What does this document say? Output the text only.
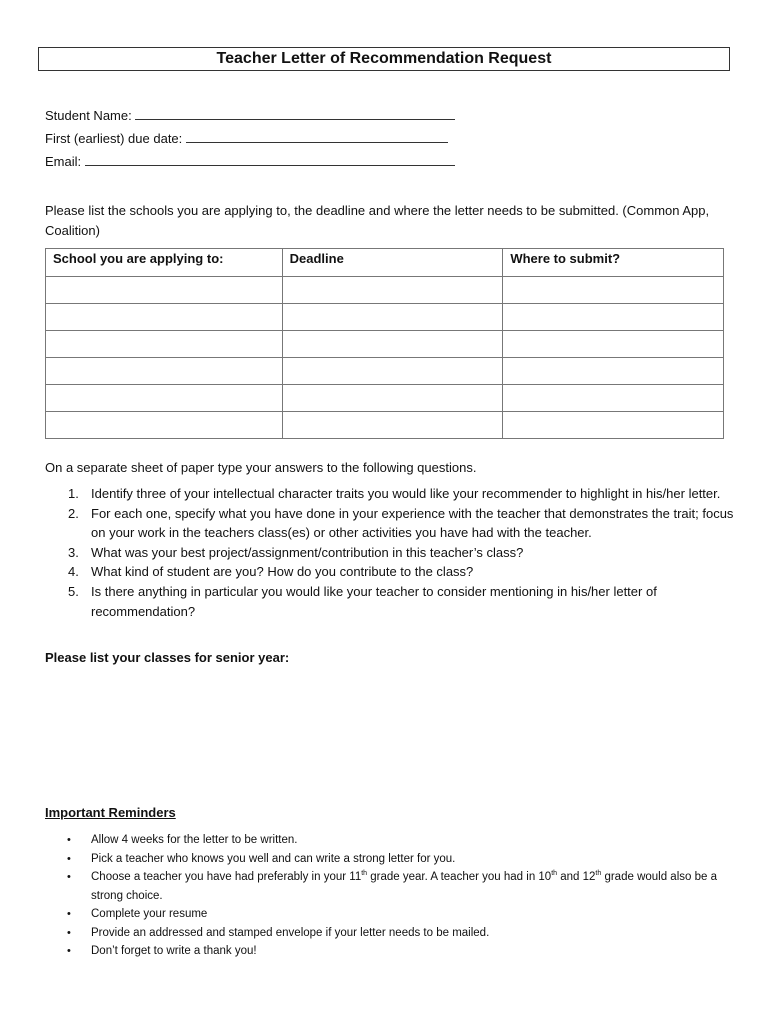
Teacher Letter of Recommendation Request
Student Name:
First (earliest) due date:
Email:
Please list the schools you are applying to, the deadline and where the letter needs to be submitted. (Common App, Coalition)
School you are applying to:	Deadline	Where to submit?

On a separate sheet of paper type your answers to the following questions.
1. Identify three of your intellectual character traits you would like your recommender to highlight in his/her letter.
2. For each one, specify what you have done in your experience with the teacher that demonstrates the trait; focus on your work in the teachers class(es) or other activities you have had with the teacher.
3. What was your best project/assignment/contribution in this teacher’s class?
4. What kind of student are you? How do you contribute to the class?
5. Is there anything in particular you would like your teacher to consider mentioning in his/her letter of recommendation?
Please list your classes for senior year:
Important Reminders
• Allow 4 weeks for the letter to be written.
• Pick a teacher who knows you well and can write a strong letter for you.
• Choose a teacher you have had preferably in your 11th grade year. A teacher you had in 10th and 12th grade would also be a strong choice.
• Complete your resume
• Provide an addressed and stamped envelope if your letter needs to be mailed.
• Don’t forget to write a thank you!
